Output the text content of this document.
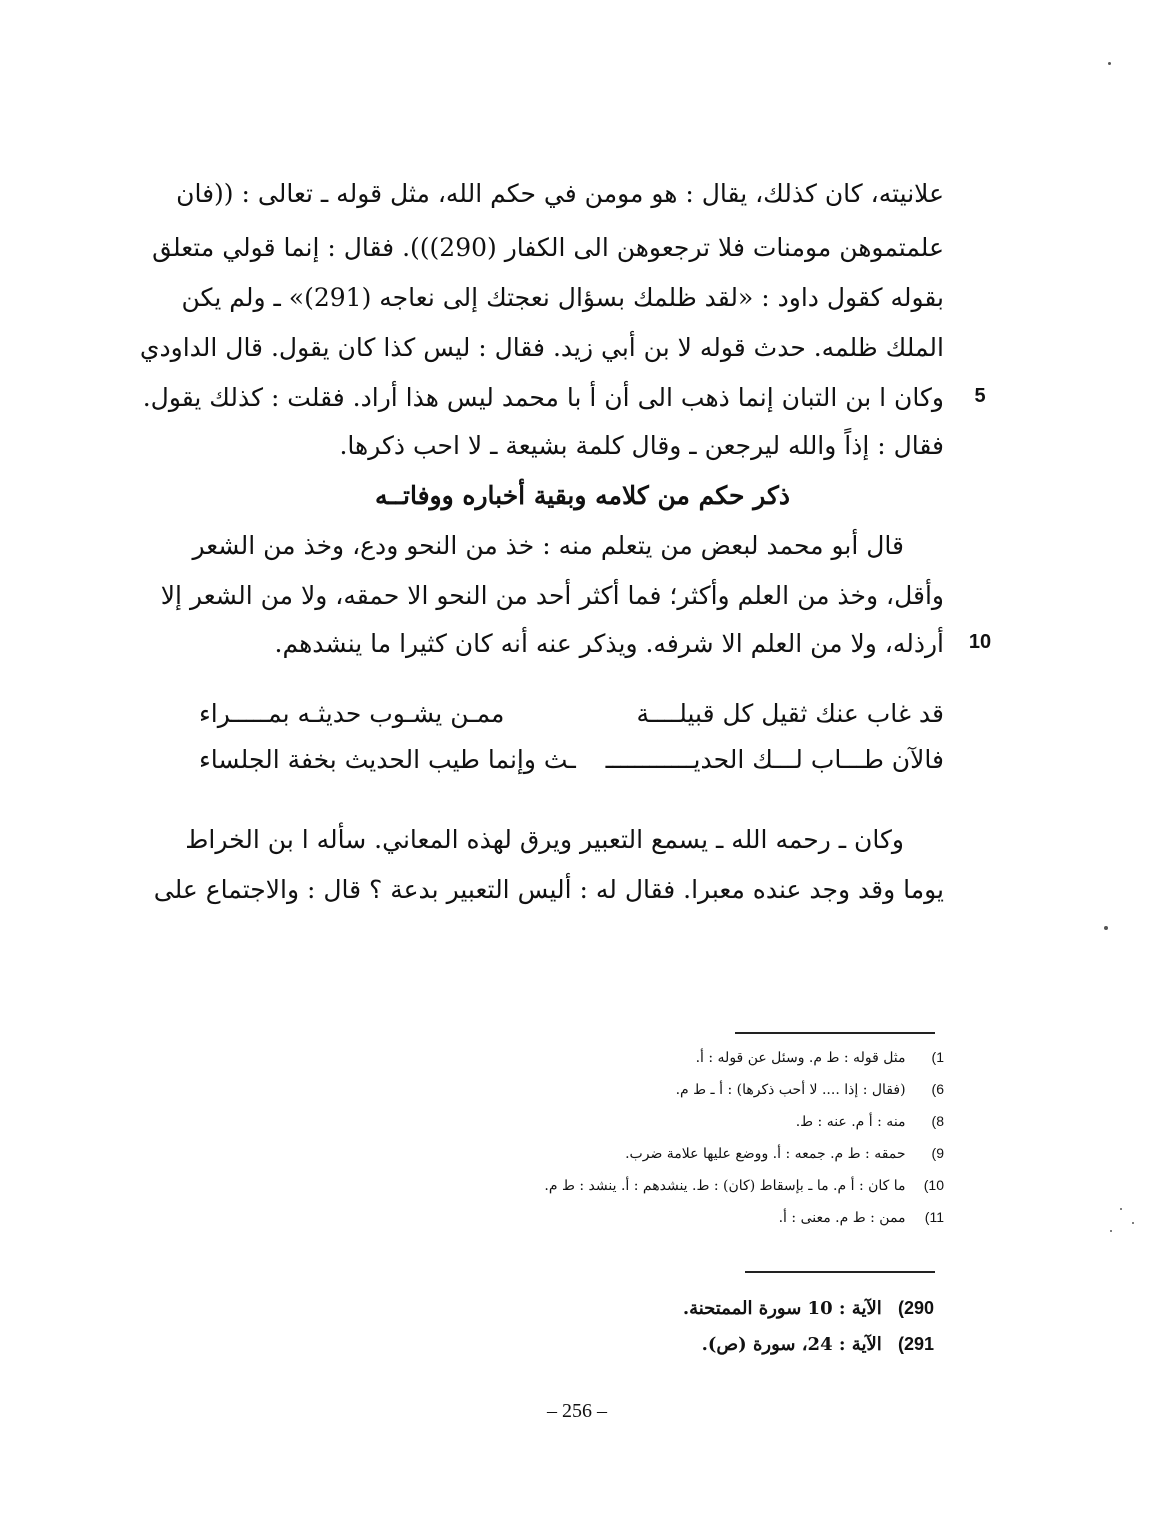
علانيته، كان كذلك، يقال : هو مومن في حكم الله، مثل قوله ـ تعالى : ((فان
علمتموهن مومنات فلا ترجعوهن الى الكفار (290))). فقال : إنما قولي متعلق
بقوله كقول داود : «لقد ظلمك بسؤال نعجتك إلى نعاجه (291)» ـ ولم يكن
الملك ظلمه. حدث قوله لا بن أبي زيد. فقال : ليس كذا كان يقول. قال الداودي
وكان ا بن التبان إنما ذهب الى أن أ با محمد ليس هذا أراد. فقلت : كذلك يقول.	5
فقال : إذاً والله ليرجعن ـ وقال كلمة بشيعة ـ لا احب ذكرها.
ذكر حكم من كلامه وبقية أخباره ووفاتــه
قال أبو محمد لبعض من يتعلم منه : خذ من النحو ودع، وخذ من الشعر
وأقل، وخذ من العلم وأكثر؛ فما أكثر أحد من النحو الا حمقه، ولا من الشعر إلا
أرذله، ولا من العلم الا شرفه. ويذكر عنه أنه كان كثيرا ما ينشدهم.	10
قد غاب عنك ثقيل كل قبيلــــة
ممـن يشـوب حديثـه بمـــــراء
فالآن طـــاب لـــك الحديــــــــــــ
ـث وإنما طيب الحديث بخفة الجلساء
وكان ـ رحمه الله ـ يسمع التعبير ويرق لهذه المعاني. سأله ا بن الخراط
يوما وقد وجد عنده معبرا. فقال له : أليس التعبير بدعة ؟ قال : والاجتماع على
1) مثل قوله : ط م. وسئل عن قوله : أ.
6) (فقال : إذا .... لا أحب ذكرها) : أ ـ ط م.
8) منه : أ م. عنه : ط.
9) حمقه : ط م. جمعه : أ. ووضع عليها علامة ضرب.
10) ما كان : أ م. ما ـ بإسقاط (كان) : ط. ينشدهم : أ. ينشد : ط م.
11) ممن : ط م. معنى : أ.
290) الآية : 10 سورة الممتحنة.
291) الآية : 24، سورة (ص).
– 256 –
